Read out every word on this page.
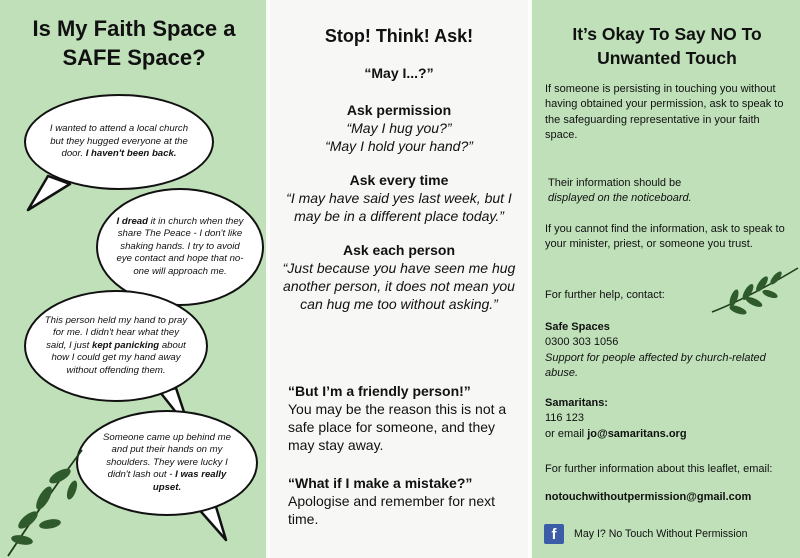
Is My Faith Space a SAFE Space?
I wanted to attend a local church but they hugged everyone at the door. I haven't been back.
I dread it in church when they share The Peace - I don't like shaking hands. I try to avoid eye contact and hope that no-one will approach me.
This person held my hand to pray for me. I didn't hear what they said, I just kept panicking about how I could get my hand away without offending them.
Someone came up behind me and put their hands on my shoulders. They were lucky I didn't lash out - I was really upset.
Stop! Think! Ask!
“May I...?”
Ask permission
“May I hug you?”
“May I hold your hand?”
Ask every time
“I may have said yes last week, but I may be in a different place today.”
Ask each person
“Just because you have seen me hug another person, it does not mean you can hug me too without asking.”
“But I’m a friendly person!”
You may be the reason this is not a safe place for someone, and they may stay away.
“What if I make a mistake?”
Apologise and remember for next time.
It’s Okay To Say NO To Unwanted Touch
If someone is persisting in touching you without having obtained your permission, ask to speak to the safeguarding representative in your faith space.
Their information should be
displayed on the noticeboard.
If you cannot find the information, ask to speak to your minister, priest, or someone you trust.
For further help, contact:
Safe Spaces
0300 303 1056
Support for people affected by church-related abuse.
Samaritans:
116 123
or email jo@samaritans.org
For further information about this leaflet, email:
notouchwithoutpermission@gmail.com
f	May I? No Touch Without Permission
